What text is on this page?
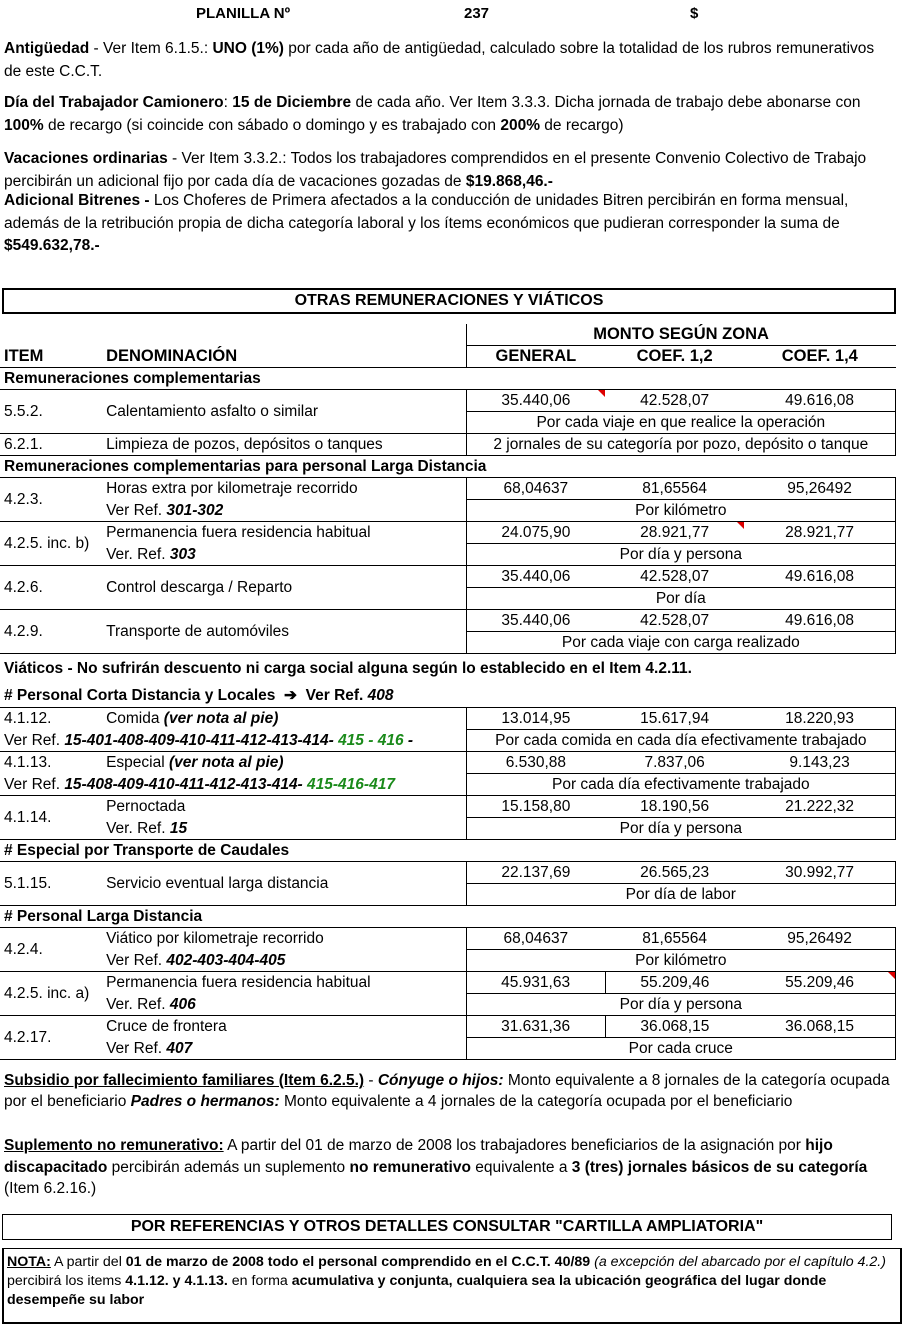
PLANILLA Nº	237	$
Antigüedad - Ver Item 6.1.5.: UNO (1%) por cada año de antigüedad, calculado sobre la totalidad de los rubros remunerativos de este C.C.T.
Día del Trabajador Camionero: 15 de Diciembre de cada año. Ver Item 3.3.3. Dicha jornada de trabajo debe abonarse con 100% de recargo (si coincide con sábado o domingo y es trabajado con 200% de recargo)
Vacaciones ordinarias - Ver Item 3.3.2.: Todos los trabajadores comprendidos en el presente Convenio Colectivo de Trabajo percibirán un adicional fijo por cada día de vacaciones gozadas de $19.868,46.-
Adicional Bitrenes - Los Choferes de Primera afectados a la conducción de unidades Bitren percibirán en forma mensual, además de la retribución propia de dicha categoría laboral y los ítems económicos que pudieran corresponder la suma de $549.632,78.-
OTRAS REMUNERACIONES Y VIÁTICOS
		MONTO SEGÚN ZONA		
ITEM	DENOMINACIÓN	GENERAL	COEF. 1,2	COEF. 1,4
Remuneraciones complementarias				
5.5.2.	Calentamiento asfalto o similar	35.440,06	42.528,07	49.616,08
		Por cada viaje en que realice la operación		
6.2.1.	Limpieza de pozos, depósitos o tanques	2 jornales de su categoría por pozo, depósito o tanque		
Remuneraciones complementarias para personal Larga Distancia				
4.2.3.	Horas extra por kilometraje recorrido	68,04637	81,65564	95,26492
	Ver Ref. 301-302	Por kilómetro		
4.2.5. inc. b)	Permanencia fuera residencia habitual	24.075,90	28.921,77	28.921,77
	Ver. Ref. 303	Por día y persona		
4.2.6.	Control descarga / Reparto	35.440,06	42.528,07	49.616,08
		Por día		
4.2.9.	Transporte de automóviles	35.440,06	42.528,07	49.616,08
		Por cada viaje con carga realizado		
Viáticos - No sufrirán descuento ni carga social alguna según lo establecido en el Item 4.2.11.				
# Personal Corta Distancia y Locales ➔ Ver Ref. 408				
4.1.12.	Comida (ver nota al pie)	13.014,95	15.617,94	18.220,93
Ver Ref. 15-401-408-409-410-411-412-413-414- 415 - 416 -		Por cada comida en cada día efectivamente trabajado		
4.1.13.	Especial (ver nota al pie)	6.530,88	7.837,06	9.143,23
Ver Ref. 15-408-409-410-411-412-413-414- 415-416-417		Por cada día efectivamente trabajado		
4.1.14.	Pernoctada	15.158,80	18.190,56	21.222,32
	Ver. Ref. 15	Por día y persona		
# Especial por Transporte de Caudales				
5.1.15.	Servicio eventual larga distancia	22.137,69	26.565,23	30.992,77
		Por día de labor		
# Personal Larga Distancia				
4.2.4.	Viático por kilometraje recorrido	68,04637	81,65564	95,26492
	Ver Ref. 402-403-404-405	Por kilómetro		
4.2.5. inc. a)	Permanencia fuera residencia habitual	45.931,63	55.209,46	55.209,46

	Ver. Ref. 406	Por día y persona		
4.2.17.	Cruce de frontera	31.631,36	36.068,15	36.068,15
	Ver Ref. 407	Por cada cruce		
Subsidio por fallecimiento familiares (Item 6.2.5.) - Cónyuge o hijos: Monto equivalente a 8 jornales de la categoría ocupada por el beneficiario Padres o hermanos: Monto equivalente a 4 jornales de la categoría ocupada por el beneficiario
Suplemento no remunerativo: A partir del 01 de marzo de 2008 los trabajadores beneficiarios de la asignación por hijo discapacitado percibirán además un suplemento no remunerativo equivalente a 3 (tres) jornales básicos de su categoría (Item 6.2.16.)
POR REFERENCIAS Y OTROS DETALLES CONSULTAR "CARTILLA AMPLIATORIA"
NOTA: A partir del 01 de marzo de 2008 todo el personal comprendido en el C.C.T. 40/89 (a excepción del abarcado por el capítulo 4.2.) percibirá los items 4.1.12. y 4.1.13. en forma acumulativa y conjunta, cualquiera sea la ubicación geográfica del lugar donde desempeñe su labor
